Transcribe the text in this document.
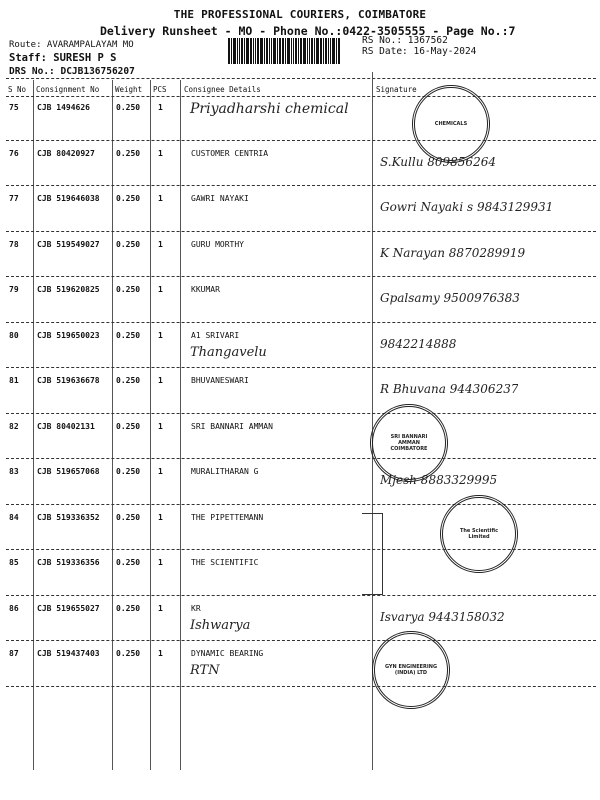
THE PROFESSIONAL COURIERS, COIMBATORE
Delivery Runsheet - MO - Phone No.:0422-3505555 - Page No.:7
Route: AVARAMPALAYAM MO
Staff: SURESH P S
DRS No.: DCJB136756207
RS No.: 1367562
RS Date: 16-May-2024
S No Consignment No Weight PCS Consignee Details	Signature
75 CJB 1494626	0.250 1 Priyadharshi chemical
CHEMICALS
76 CJB 80420927	0.250 1	CUSTOMER CENTRIA
S.Kullu 809856264
77 CJB 519646038 0.250 1	GAWRI NAYAKI
Gowri Nayaki s 9843129931
78 CJB 519549027 0.250 1	GURU MORTHY
K Narayan 8870289919
79 CJB 519620825 0.250 1	KKUMAR
Gpalsamy 9500976383
80 CJB 519650023 0.250 1	A1 SRIVARI
Thangavelu
9842214888
81 CJB 519636678 0.250 1	BHUVANESWARI
R Bhuvana 944306237
82 CJB 80402131	0.250 1	SRI BANNARI AMMAN
SRI BANNARI AMMAN COIMBATORE
83 CJB 519657068 0.250 1	MURALITHARAN G
Mjesh 8883329995
84 CJB 519336352 0.250 1	THE PIPETTEMANN
The Scientific Limited
85 CJB 519336356 0.250 1	THE SCIENTIFIC
86 CJB 519655027 0.250 1	KR
Ishwarya
Isvarya 9443158032
87 CJB 519437403 0.250 1	DYNAMIC BEARING
RTN	GYN ENGINEERING (INDIA) LTD
